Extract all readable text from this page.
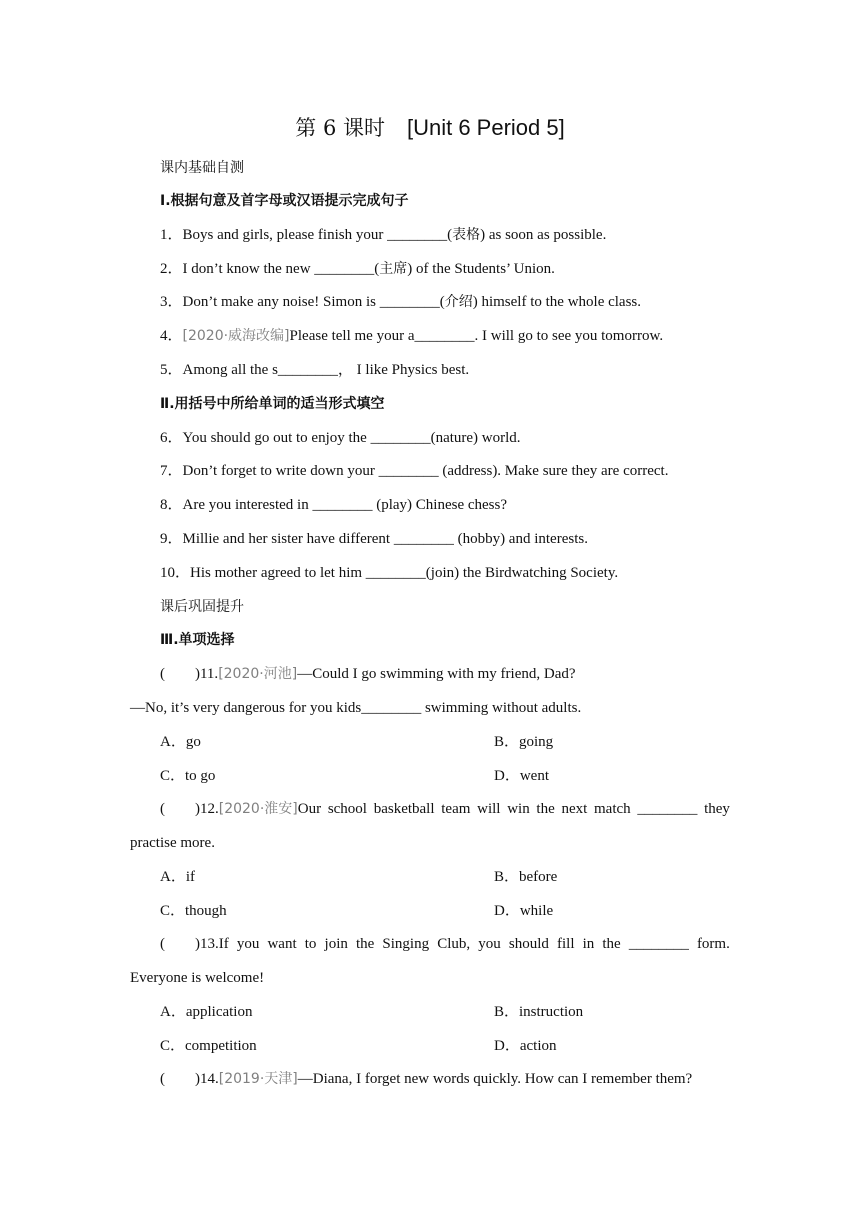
第 6 课时 [Unit 6 Period 5]
课内基础自测
Ⅰ.根据句意及首字母或汉语提示完成句子
1．Boys and girls, please finish your ________(表格) as soon as possible.
2．I don’t know the new ________(主席) of the Students’ Union.
3．Don’t make any noise! Simon is ________(介绍) himself to the whole class.
4．[2020·威海改编]Please tell me your a________. I will go to see you tomorrow.
5．Among all the s________， I like Physics best.
Ⅱ.用括号中所给单词的适当形式填空
6．You should go out to enjoy the ________(nature) world.
7．Don’t forget to write down your ________ (address). Make sure they are correct.
8．Are you interested in ________ (play) Chinese chess?
9．Millie and her sister have different ________ (hobby) and interests.
10．His mother agreed to let him ________(join) the Birdwatching Society.
课后巩固提升
Ⅲ.单项选择
(　　)11.[2020·河池]—Could I go swimming with my friend, Dad?
—No, it’s very dangerous for you kids________ swimming without adults.
A．go	B．going
C．to go	D．went
(　　)12. [2020·淮安] Our school basketball team will win the next match ________ they
practise more.
A．if	B．before
C．though	D．while
(　　)13. If you want to join the Singing Club, you should fill in the ________ form.
Everyone is welcome!
A．application	B．instruction
C．competition	D．action
(　　)14.[2019·天津]—Diana, I forget new words quickly. How can I remember them?
